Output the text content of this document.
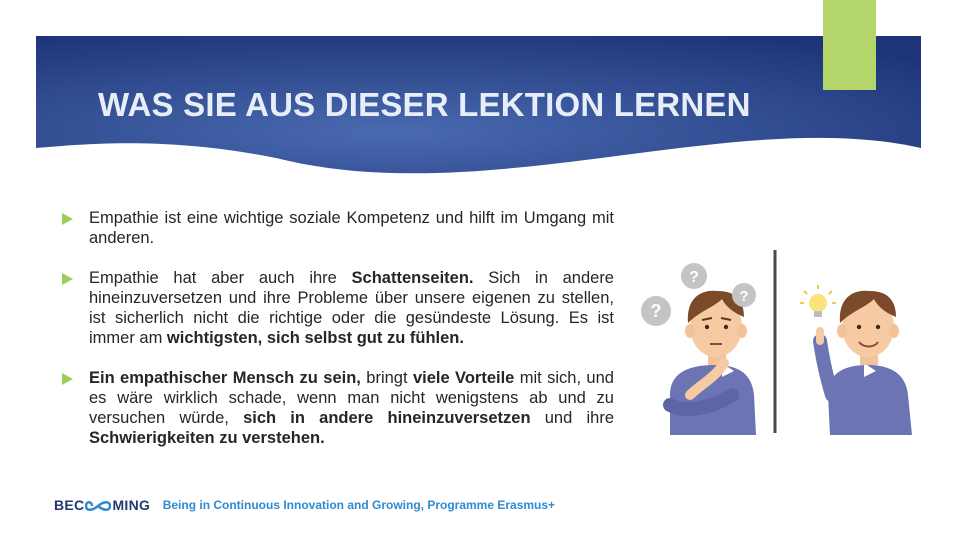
WAS SIE AUS DIESER LEKTION LERNEN
Empathie ist eine wichtige soziale Kompetenz und hilft im Umgang mit anderen.
Empathie hat aber auch ihre Schattenseiten. Sich in andere hineinzuversetzen und ihre Probleme über unsere eigenen zu stellen, ist sicherlich nicht die richtige oder die gesündeste Lösung. Es ist immer am wichtigsten, sich selbst gut zu fühlen.
Ein empathischer Mensch zu sein, bringt viele Vorteile mit sich, und es wäre wirklich schade, wenn man nicht wenigstens ab und zu versuchen würde, sich in andere hineinzuversetzen und ihre Schwierigkeiten zu verstehen.
?
?
?
BEC MING Being in Continuous Innovation and Growing, Programme Erasmus+
